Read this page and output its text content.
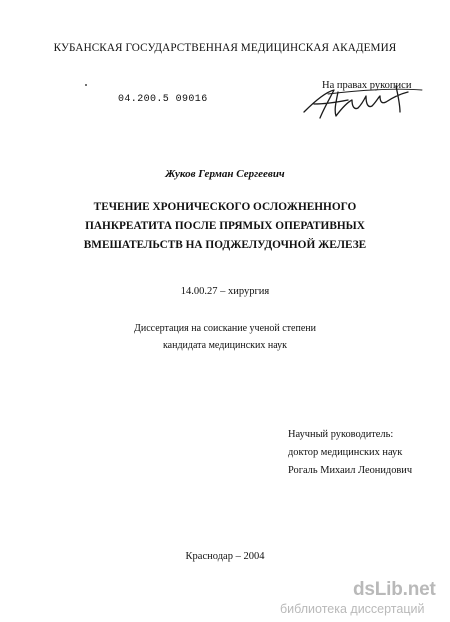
КУБАНСКАЯ ГОСУДАРСТВЕННАЯ МЕДИЦИНСКАЯ АКАДЕМИЯ
На правах рукописи
04.200.5 09016
Жуков Герман Сергеевич
ТЕЧЕНИЕ ХРОНИЧЕСКОГО ОСЛОЖНЕННОГО
ПАНКРЕАТИТА ПОСЛЕ ПРЯМЫХ ОПЕРАТИВНЫХ
ВМЕШАТЕЛЬСТВ НА ПОДЖЕЛУДОЧНОЙ ЖЕЛЕЗЕ
14.00.27 – хирургия
Диссертация на соискание ученой степени
кандидата медицинских наук
Научный руководитель:
доктор медицинских наук
Рогаль Михаил Леонидович
Краснодар – 2004
dsLib.net
библиотека диссертаций
